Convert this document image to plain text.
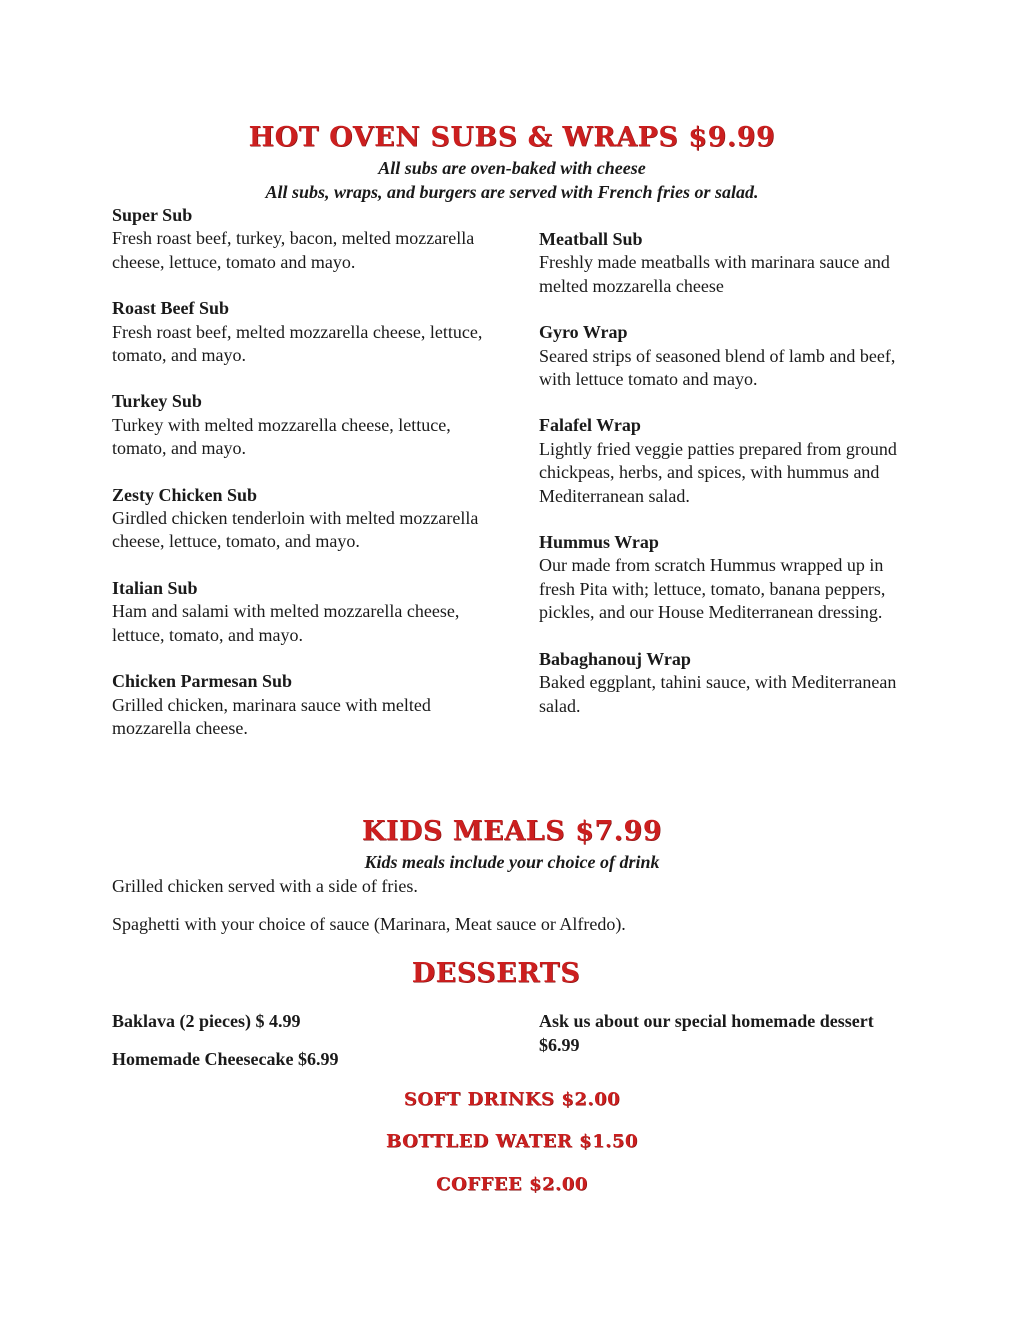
HOT OVEN SUBS & WRAPS $9.99

All subs are oven-baked with cheese

All subs, wraps, and burgers are served with French fries or salad.

Super Sub
Fresh roast beef, turkey, bacon, melted mozzarella cheese, lettuce, tomato and mayo.
Roast Beef Sub
Fresh roast beef, melted mozzarella cheese, lettuce, tomato, and mayo.
Turkey Sub
Turkey with melted mozzarella cheese, lettuce, tomato, and mayo.
Zesty Chicken Sub
Girdled chicken tenderloin with melted mozzarella cheese, lettuce, tomato, and mayo.
Italian Sub
Ham and salami with melted mozzarella cheese, lettuce, tomato, and mayo.
Chicken Parmesan Sub
Grilled chicken, marinara sauce with melted mozzarella cheese.
Meatball Sub
Freshly made meatballs with marinara sauce and melted mozzarella cheese
Gyro Wrap
Seared strips of seasoned blend of lamb and beef, with lettuce tomato and mayo.
Falafel Wrap
Lightly fried veggie patties prepared from ground chickpeas, herbs, and spices, with hummus and Mediterranean salad.
Hummus Wrap
Our made from scratch Hummus wrapped up in fresh Pita with; lettuce, tomato, banana peppers, pickles, and our House Mediterranean dressing.
Babaghanouj Wrap
Baked eggplant, tahini sauce, with Mediterranean salad.
KIDS MEALS $7.99

Kids meals include your choice of drink

Grilled chicken served with a side of fries.

Spaghetti with your choice of sauce (Marinara, Meat sauce or Alfredo).

DESSERTS

Baklava (2 pieces) $ 4.99

Homemade Cheesecake $6.99

Ask us about our special homemade dessert $6.99

SOFT DRINKS $2.00
BOTTLED WATER $1.50
COFFEE $2.00
